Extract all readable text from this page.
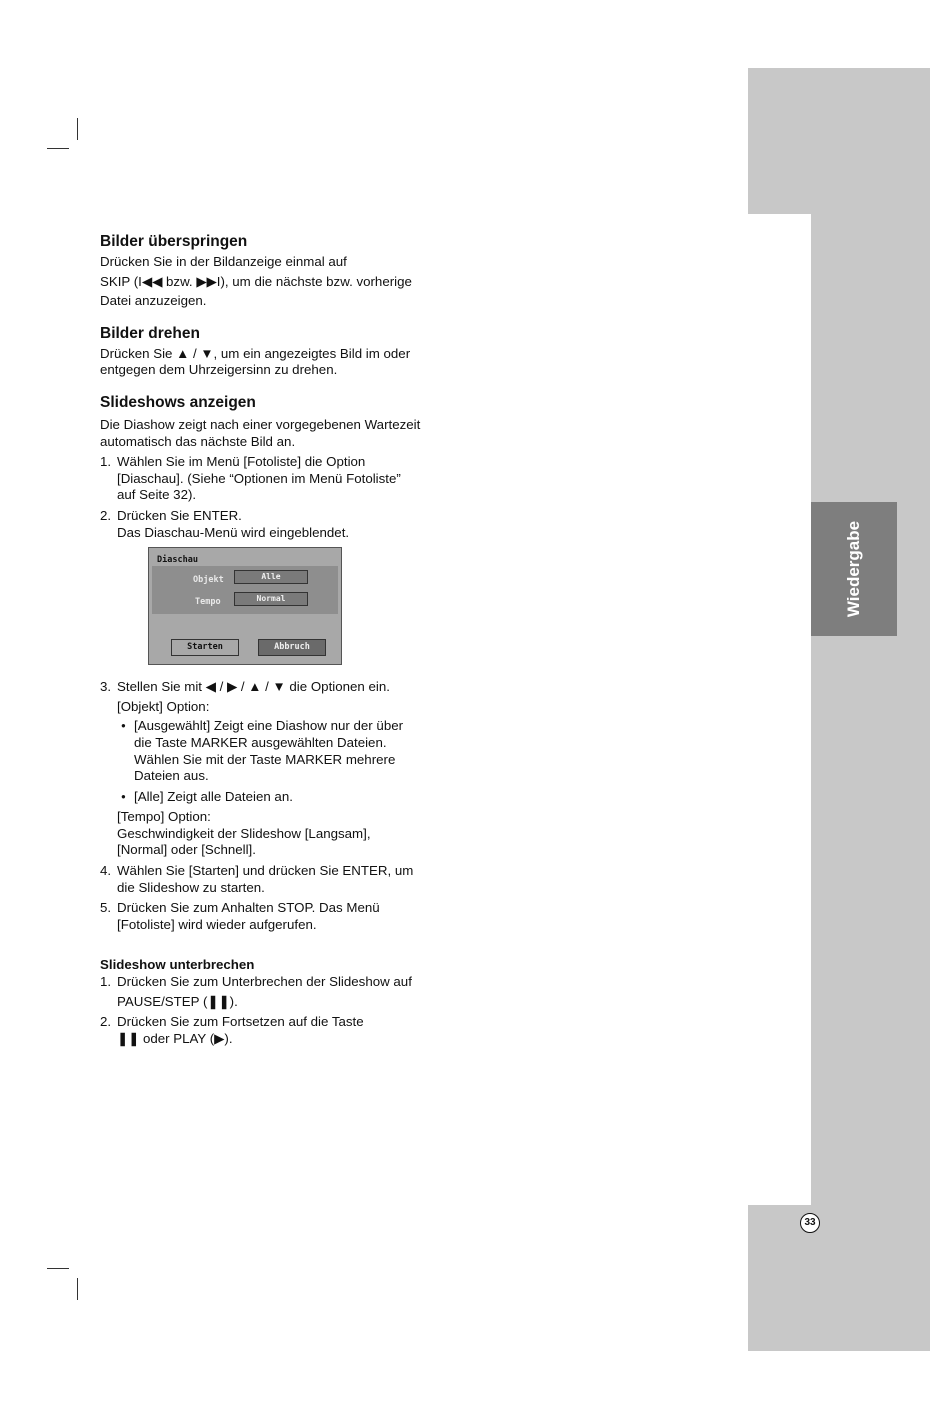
Wiedergabe
33
Bilder überspringen

Drücken Sie in der Bildanzeige einmal auf

SKIP (I◀◀ bzw. ▶▶I), um die nächste bzw. vorherige

Datei anzuzeigen.

Bilder drehen

Drücken Sie ▲ / ▼, um ein angezeigtes Bild im oder

entgegen dem Uhrzeigersinn zu drehen.

Slideshows anzeigen

Die Diashow zeigt nach einer vorgegebenen Wartezeit

automatisch das nächste Bild an.

1. Wählen Sie im Menü [Fotoliste] die Option

[Diaschau]. (Siehe “Optionen im Menü Fotoliste”

auf Seite 32).

2. Drücken Sie ENTER.

Das Diaschau-Menü wird eingeblendet.

Diaschau
Objekt	Alle
Tempo	Normal
Starten	Abbruch
3. Stellen Sie mit ◀ / ▶ / ▲ / ▼ die Optionen ein.

[Objekt] Option:

● [Ausgewählt] Zeigt eine Diashow nur der über

die Taste MARKER ausgewählten Dateien.

Wählen Sie mit der Taste MARKER mehrere

Dateien aus.

● [Alle] Zeigt alle Dateien an.

[Tempo] Option:

Geschwindigkeit der Slideshow [Langsam],

[Normal] oder [Schnell].

4. Wählen Sie [Starten] und drücken Sie ENTER, um

die Slideshow zu starten.

5. Drücken Sie zum Anhalten STOP. Das Menü

[Fotoliste] wird wieder aufgerufen.

Slideshow unterbrechen
1. Drücken Sie zum Unterbrechen der Slideshow auf

PAUSE/STEP (❚❚).

2. Drücken Sie zum Fortsetzen auf die Taste

❚❚ oder PLAY (▶).
